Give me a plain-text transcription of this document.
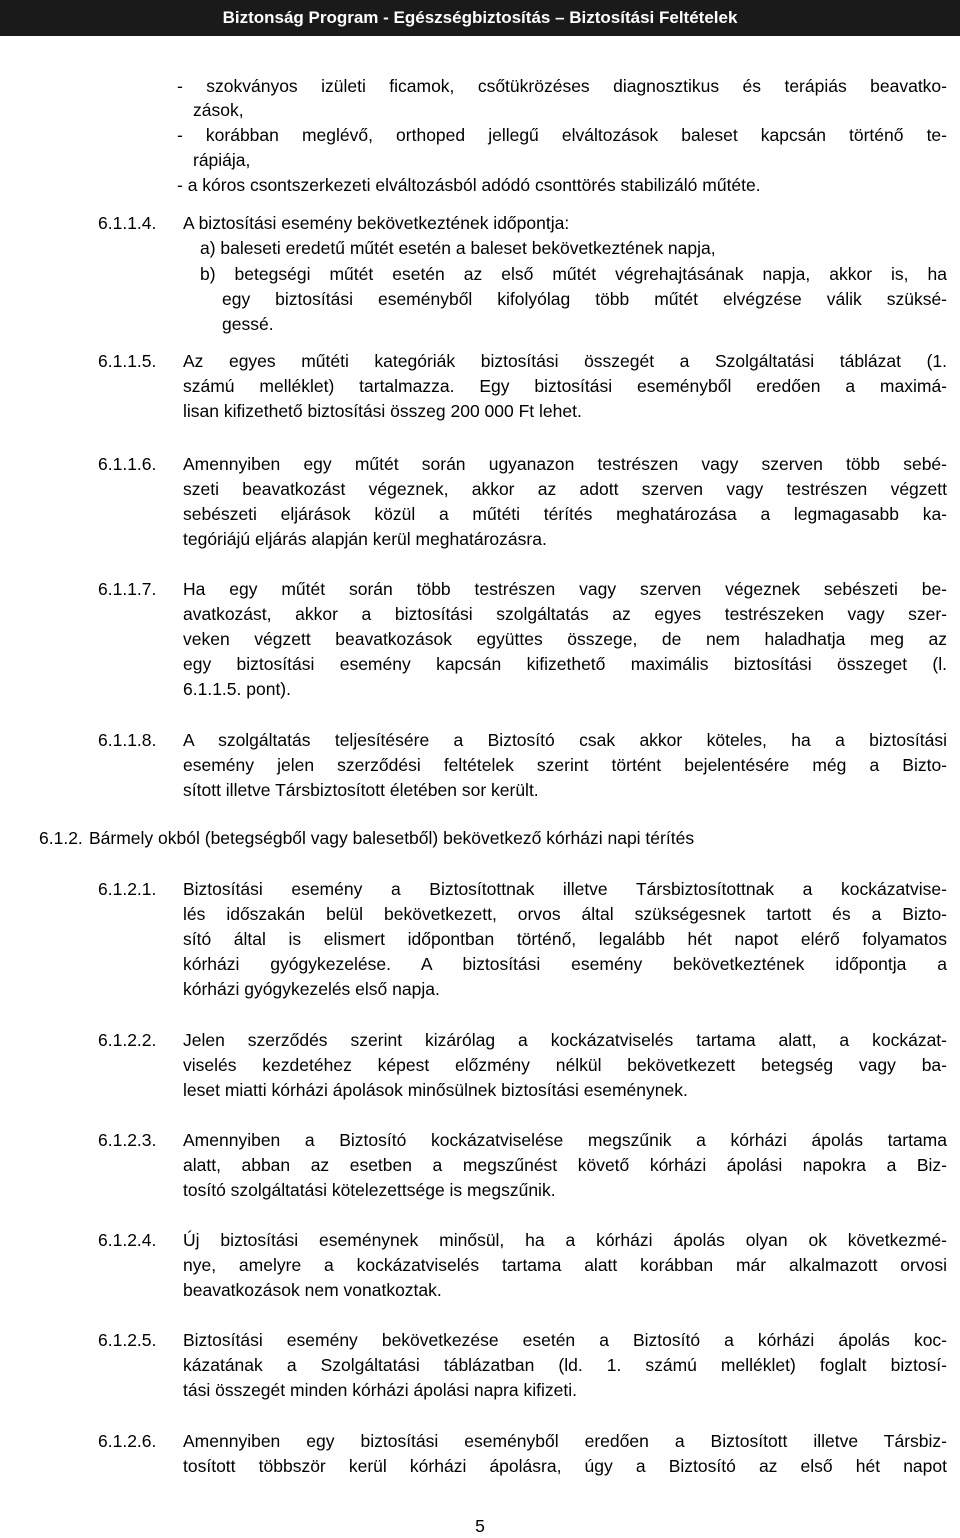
Biztonság Program - Egészségbiztosítás – Biztosítási Feltételek
- szokványos izületi ficamok, csőtükrözéses diagnosztikus és terápiás beavatko-
zások,
- korábban meglévő, orthoped jellegű elváltozások baleset kapcsán történő te-
rápiája,
- a kóros csontszerkezeti elváltozásból adódó csonttörés stabilizáló műtéte.
6.1.1.4. A biztosítási esemény bekövetkeztének időpontja:
a) baleseti eredetű műtét esetén a baleset bekövetkeztének napja,
b) betegségi műtét esetén az első műtét végrehajtásának napja, akkor is, ha
egy biztosítási eseményből kifolyólag több műtét elvégzése válik szüksé-
gessé.
6.1.1.5. Az egyes műtéti kategóriák biztosítási összegét a Szolgáltatási táblázat (1.
számú melléklet) tartalmazza. Egy biztosítási eseményből eredően a maximá-
lisan kifizethető biztosítási összeg 200 000 Ft lehet.
6.1.1.6. Amennyiben egy műtét során ugyanazon testrészen vagy szerven több sebé-
szeti beavatkozást végeznek, akkor az adott szerven vagy testrészen végzett
sebészeti eljárások közül a műtéti térítés meghatározása a legmagasabb ka-
tegóriájú eljárás alapján kerül meghatározásra.
6.1.1.7. Ha egy műtét során több testrészen vagy szerven végeznek sebészeti be-
avatkozást, akkor a biztosítási szolgáltatás az egyes testrészeken vagy szer-
veken végzett beavatkozások együttes összege, de nem haladhatja meg az
egy biztosítási esemény kapcsán kifizethető maximális biztosítási összeget (l.
6.1.1.5. pont).
6.1.1.8. A szolgáltatás teljesítésére a Biztosító csak akkor köteles, ha a biztosítási
esemény jelen szerződési feltételek szerint történt bejelentésére még a Bizto-
sított illetve Társbiztosított életében sor került.
6.1.2. Bármely okból (betegségből vagy balesetből) bekövetkező kórházi napi térítés
6.1.2.1. Biztosítási esemény a Biztosítottnak illetve Társbiztosítottnak a kockázatvise-
lés időszakán belül bekövetkezett, orvos által szükségesnek tartott és a Bizto-
sító által is elismert időpontban történő, legalább hét napot elérő folyamatos
kórházi gyógykezelése. A biztosítási esemény bekövetkeztének időpontja a
kórházi gyógykezelés első napja.
6.1.2.2. Jelen szerződés szerint kizárólag a kockázatviselés tartama alatt, a kockázat-
viselés kezdetéhez képest előzmény nélkül bekövetkezett betegség vagy ba-
leset miatti kórházi ápolások minősülnek biztosítási eseménynek.
6.1.2.3. Amennyiben a Biztosító kockázatviselése megszűnik a kórházi ápolás tartama
alatt, abban az esetben a megszűnést követő kórházi ápolási napokra a Biz-
tosító szolgáltatási kötelezettsége is megszűnik.
6.1.2.4. Új biztosítási eseménynek minősül, ha a kórházi ápolás olyan ok következmé-
nye, amelyre a kockázatviselés tartama alatt korábban már alkalmazott orvosi
beavatkozások nem vonatkoztak.
6.1.2.5. Biztosítási esemény bekövetkezése esetén a Biztosító a kórházi ápolás koc-
kázatának a Szolgáltatási táblázatban (ld. 1. számú melléklet) foglalt biztosí-
tási összegét minden kórházi ápolási napra kifizeti.
6.1.2.6. Amennyiben egy biztosítási eseményből eredően a Biztosított illetve Társbiz-
tosított többször kerül kórházi ápolásra, úgy a Biztosító az első hét napot
5
